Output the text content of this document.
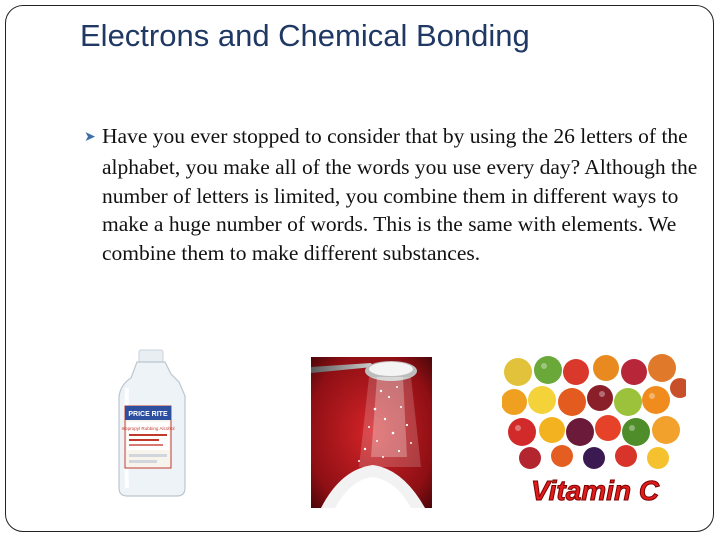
Electrons and Chemical Bonding
➤ Have you ever stopped to consider that by using the 26 letters of the alphabet, you make all of the words you use every day? Although the number of letters is limited, you combine them in different ways to make a huge number of words. This is the same with elements. We combine them to make different substances.
PRICE RITE
Isopropyl Rubbing Alcohol
Vitamin C
